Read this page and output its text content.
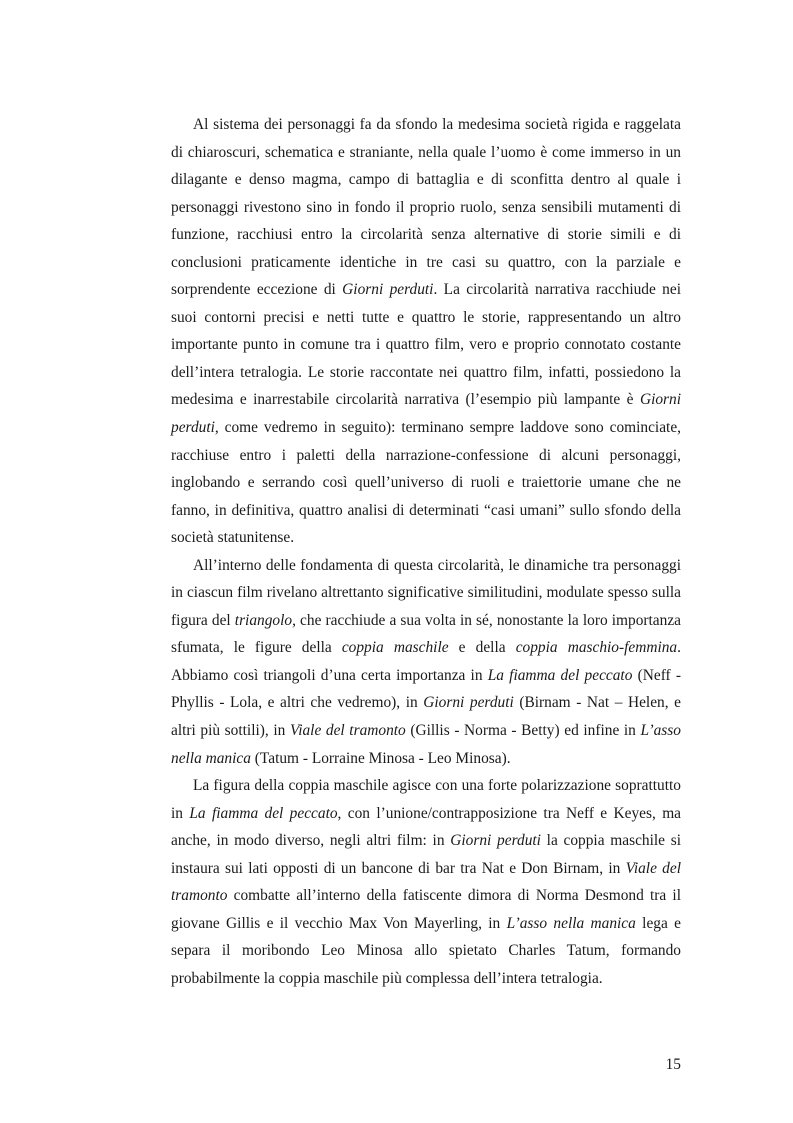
Al sistema dei personaggi fa da sfondo la medesima società rigida e raggelata di chiaroscuri, schematica e straniante, nella quale l’uomo è come immerso in un dilagante e denso magma, campo di battaglia e di sconfitta dentro al quale i personaggi rivestono sino in fondo il proprio ruolo, senza sensibili mutamenti di funzione, racchiusi entro la circolarità senza alternative di storie simili e di conclusioni praticamente identiche in tre casi su quattro, con la parziale e sorprendente eccezione di Giorni perduti. La circolarità narrativa racchiude nei suoi contorni precisi e netti tutte e quattro le storie, rappresentando un altro importante punto in comune tra i quattro film, vero e proprio connotato costante dell’intera tetralogia. Le storie raccontate nei quattro film, infatti, possiedono la medesima e inarrestabile circolarità narrativa (l’esempio più lampante è Giorni perduti, come vedremo in seguito): terminano sempre laddove sono cominciate, racchiuse entro i paletti della narrazione-confessione di alcuni personaggi, inglobando e serrando così quell’universo di ruoli e traiettorie umane che ne fanno, in definitiva, quattro analisi di determinati “casi umani” sullo sfondo della società statunitense.

All’interno delle fondamenta di questa circolarità, le dinamiche tra personaggi in ciascun film rivelano altrettanto significative similitudini, modulate spesso sulla figura del triangolo, che racchiude a sua volta in sé, nonostante la loro importanza sfumata, le figure della coppia maschile e della coppia maschio-femmina. Abbiamo così triangoli d’una certa importanza in La fiamma del peccato (Neff - Phyllis - Lola, e altri che vedremo), in Giorni perduti (Birnam - Nat – Helen, e altri più sottili), in Viale del tramonto (Gillis - Norma - Betty) ed infine in L’asso nella manica (Tatum - Lorraine Minosa - Leo Minosa).

La figura della coppia maschile agisce con una forte polarizzazione soprattutto in La fiamma del peccato, con l’unione/contrapposizione tra Neff e Keyes, ma anche, in modo diverso, negli altri film: in Giorni perduti la coppia maschile si instaura sui lati opposti di un bancone di bar tra Nat e Don Birnam, in Viale del tramonto combatte all’interno della fatiscente dimora di Norma Desmond tra il giovane Gillis e il vecchio Max Von Mayerling, in L’asso nella manica lega e separa il moribondo Leo Minosa allo spietato Charles Tatum, formando probabilmente la coppia maschile più complessa dell’intera tetralogia.

15
